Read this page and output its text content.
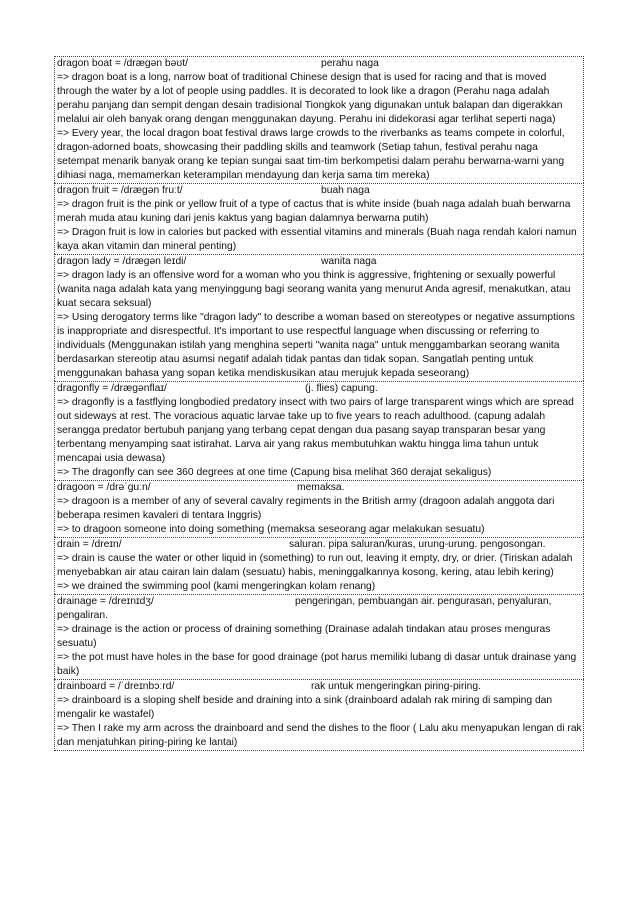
dragon boat = /drægən bəʊt/	perahu naga
=> dragon boat is a long, narrow boat of traditional Chinese design that is used for racing and that is moved through the water by a lot of people using paddles. It is decorated to look like a dragon (Perahu naga adalah perahu panjang dan sempit dengan desain tradisional Tiongkok yang digunakan untuk balapan dan digerakkan melalui air oleh banyak orang dengan menggunakan dayung. Perahu ini didekorasi agar terlihat seperti naga)
=> Every year, the local dragon boat festival draws large crowds to the riverbanks as teams compete in colorful, dragon-adorned boats, showcasing their paddling skills and teamwork (Setiap tahun, festival perahu naga setempat menarik banyak orang ke tepian sungai saat tim-tim berkompetisi dalam perahu berwarna-warni yang dihiasi naga, memamerkan keterampilan mendayung dan kerja sama tim mereka)
dragon fruit = /drægən fruːt/	buah naga
=> dragon fruit is the pink or yellow fruit of a type of cactus that is white inside (buah naga adalah buah berwarna merah muda atau kuning dari jenis kaktus yang bagian dalamnya berwarna putih)
=> Dragon fruit is low in calories but packed with essential vitamins and minerals (Buah naga rendah kalori namun kaya akan vitamin dan mineral penting)
dragon lady = /drægən leɪdi/	wanita naga
=> dragon lady is an offensive word for a woman who you think is aggressive, frightening or sexually powerful (wanita naga adalah kata yang menyinggung bagi seorang wanita yang menurut Anda agresif, menakutkan, atau kuat secara seksual)
=> Using derogatory terms like "dragon lady" to describe a woman based on stereotypes or negative assumptions is inappropriate and disrespectful. It's important to use respectful language when discussing or referring to individuals (Menggunakan istilah yang menghina seperti "wanita naga" untuk menggambarkan seorang wanita berdasarkan stereotip atau asumsi negatif adalah tidak pantas dan tidak sopan. Sangatlah penting untuk menggunakan bahasa yang sopan ketika mendiskusikan atau merujuk kepada seseorang)
dragonfly = /drægənflaɪ/	(j. flies) capung.
=> dragonfly is a fastflying longbodied predatory insect with two pairs of large transparent wings which are spread out sideways at rest. The voracious aquatic larvae take up to five years to reach adulthood. (capung adalah serangga predator bertubuh panjang yang terbang cepat dengan dua pasang sayap transparan besar yang terbentang menyamping saat istirahat. Larva air yang rakus membutuhkan waktu hingga lima tahun untuk mencapai usia dewasa)
=> The dragonfly can see 360 degrees at one time (Capung bisa melihat 360 derajat sekaligus)
dragoon = /drəˈɡuːn/	memaksa.
=> dragoon is a member of any of several cavalry regiments in the British army (dragoon adalah anggota dari beberapa resimen kavaleri di tentara Inggris)
=> to dragoon someone into doing something (memaksa seseorang agar melakukan sesuatu)
drain = /dreɪn/	saluran. pipa saluran/kuras, urung-urung. pengosongan.
=> drain is cause the water or other liquid in (something) to run out, leaving it empty, dry, or drier. (Tiriskan adalah menyebabkan air atau cairan lain dalam (sesuatu) habis, meninggalkannya kosong, kering, atau lebih kering)
=> we drained the swimming pool (kami mengeringkan kolam renang)
drainage = /dreɪnɪdʒ/	pengeringan, pembuangan air. pengurasan, penyaluran,
pengaliran.
=> drainage is the action or process of draining something (Drainase adalah tindakan atau proses menguras sesuatu)
=> the pot must have holes in the base for good drainage (pot harus memiliki lubang di dasar untuk drainase yang baik)
drainboard = /ˈdreɪnbɔːrd/	rak untuk mengeringkan piring-piring.
=> drainboard is a sloping shelf beside and draining into a sink (drainboard adalah rak miring di samping dan mengalir ke wastafel)
=> Then I rake my arm across the drainboard and send the dishes to the floor ( Lalu aku menyapukan lengan di rak dan menjatuhkan piring-piring ke lantai)
